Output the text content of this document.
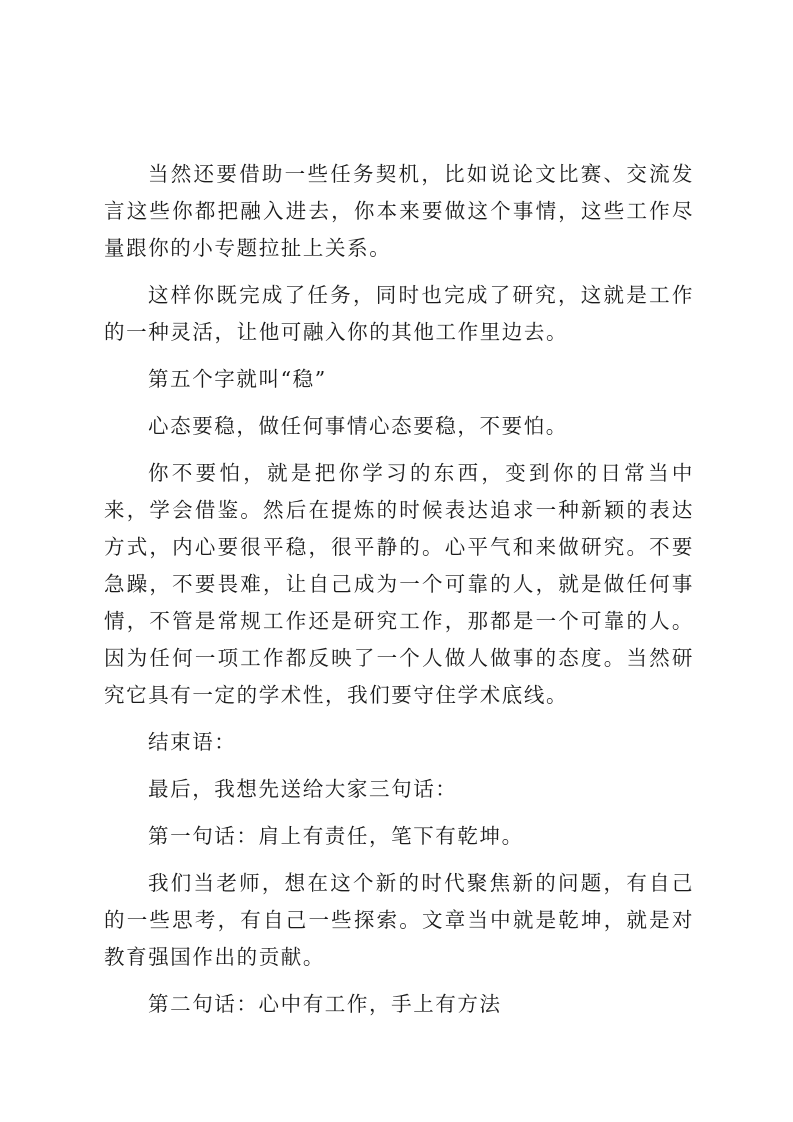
当然还要借助一些任务契机，比如说论文比赛、交流发言这些你都把融入进去，你本来要做这个事情，这些工作尽量跟你的小专题拉扯上关系。

这样你既完成了任务，同时也完成了研究，这就是工作的一种灵活，让他可融入你的其他工作里边去。

第五个字就叫“稳”

心态要稳，做任何事情心态要稳，不要怕。

你不要怕，就是把你学习的东西，变到你的日常当中来，学会借鉴。然后在提炼的时候表达追求一种新颖的表达方式，内心要很平稳，很平静的。心平气和来做研究。不要急躁，不要畏难，让自己成为一个可靠的人，就是做任何事情，不管是常规工作还是研究工作，那都是一个可靠的人。因为任何一项工作都反映了一个人做人做事的态度。当然研究它具有一定的学术性，我们要守住学术底线。

结束语：

最后，我想先送给大家三句话：

第一句话：肩上有责任，笔下有乾坤。

我们当老师，想在这个新的时代聚焦新的问题，有自己的一些思考，有自己一些探索。文章当中就是乾坤，就是对教育强国作出的贡献。

第二句话：心中有工作，手上有方法
